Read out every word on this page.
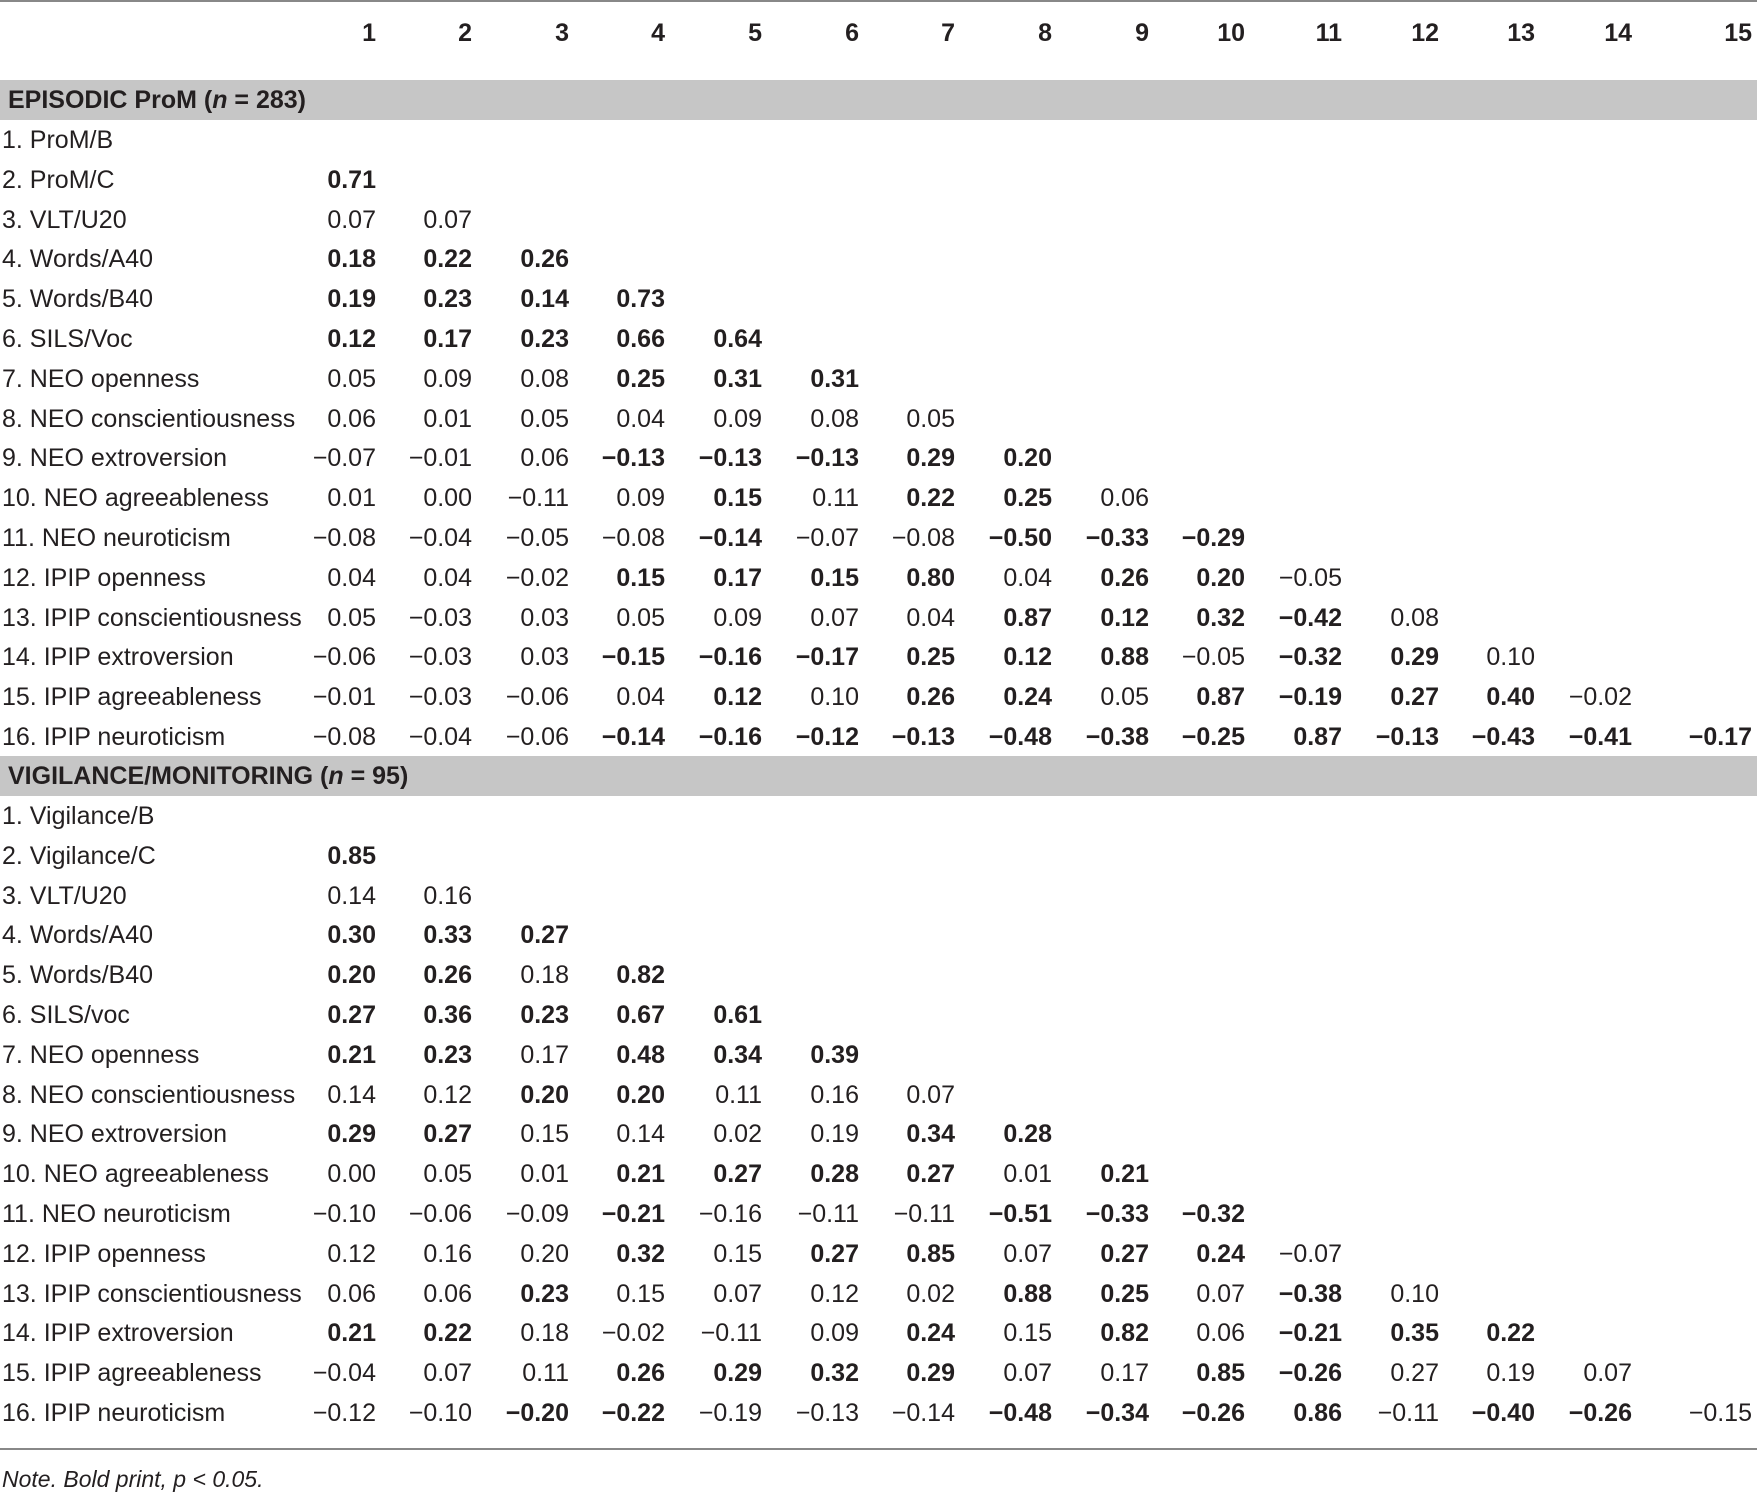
1	2	3	4	5	6	7	8	9	10	11	12	13	14	15
EPISODIC ProM (n = 283)
1. ProM/B
2. ProM/C	0.71
3. VLT/U20	0.07	0.07
4. Words/A40	0.18	0.22	0.26
5. Words/B40	0.19	0.23	0.14	0.73
6. SILS/Voc	0.12	0.17	0.23	0.66	0.64
7. NEO openness	0.05	0.09	0.08	0.25	0.31	0.31
8. NEO conscientiousness	0.06	0.01	0.05	0.04	0.09	0.08	0.05
9. NEO extroversion	−0.07	−0.01	0.06	−0.13	−0.13	−0.13	0.29	0.20
10. NEO agreeableness	0.01	0.00	−0.11	0.09	0.15	0.11	0.22	0.25	0.06
11. NEO neuroticism	−0.08	−0.04	−0.05	−0.08	−0.14	−0.07	−0.08	−0.50	−0.33	−0.29
12. IPIP openness	0.04	0.04	−0.02	0.15	0.17	0.15	0.80	0.04	0.26	0.20	−0.05
13. IPIP conscientiousness	0.05	−0.03	0.03	0.05	0.09	0.07	0.04	0.87	0.12	0.32	−0.42	0.08
14. IPIP extroversion	−0.06	−0.03	0.03	−0.15	−0.16	−0.17	0.25	0.12	0.88	−0.05	−0.32	0.29	0.10
15. IPIP agreeableness	−0.01	−0.03	−0.06	0.04	0.12	0.10	0.26	0.24	0.05	0.87	−0.19	0.27	0.40	−0.02
16. IPIP neuroticism	−0.08	−0.04	−0.06	−0.14	−0.16	−0.12	−0.13	−0.48	−0.38	−0.25	0.87	−0.13	−0.43	−0.41	−0.17
VIGILANCE/MONITORING (n = 95)
1. Vigilance/B
2. Vigilance/C	0.85
3. VLT/U20	0.14	0.16
4. Words/A40	0.30	0.33	0.27
5. Words/B40	0.20	0.26	0.18	0.82
6. SILS/voc	0.27	0.36	0.23	0.67	0.61
7. NEO openness	0.21	0.23	0.17	0.48	0.34	0.39
8. NEO conscientiousness	0.14	0.12	0.20	0.20	0.11	0.16	0.07
9. NEO extroversion	0.29	0.27	0.15	0.14	0.02	0.19	0.34	0.28
10. NEO agreeableness	0.00	0.05	0.01	0.21	0.27	0.28	0.27	0.01	0.21
11. NEO neuroticism	−0.10	−0.06	−0.09	−0.21	−0.16	−0.11	−0.11	−0.51	−0.33	−0.32
12. IPIP openness	0.12	0.16	0.20	0.32	0.15	0.27	0.85	0.07	0.27	0.24	−0.07
13. IPIP conscientiousness	0.06	0.06	0.23	0.15	0.07	0.12	0.02	0.88	0.25	0.07	−0.38	0.10
14. IPIP extroversion	0.21	0.22	0.18	−0.02	−0.11	0.09	0.24	0.15	0.82	0.06	−0.21	0.35	0.22
15. IPIP agreeableness	−0.04	0.07	0.11	0.26	0.29	0.32	0.29	0.07	0.17	0.85	−0.26	0.27	0.19	0.07
16. IPIP neuroticism	−0.12	−0.10	−0.20	−0.22	−0.19	−0.13	−0.14	−0.48	−0.34	−0.26	0.86	−0.11	−0.40	−0.26	−0.15
Note. Bold print, p < 0.05.
